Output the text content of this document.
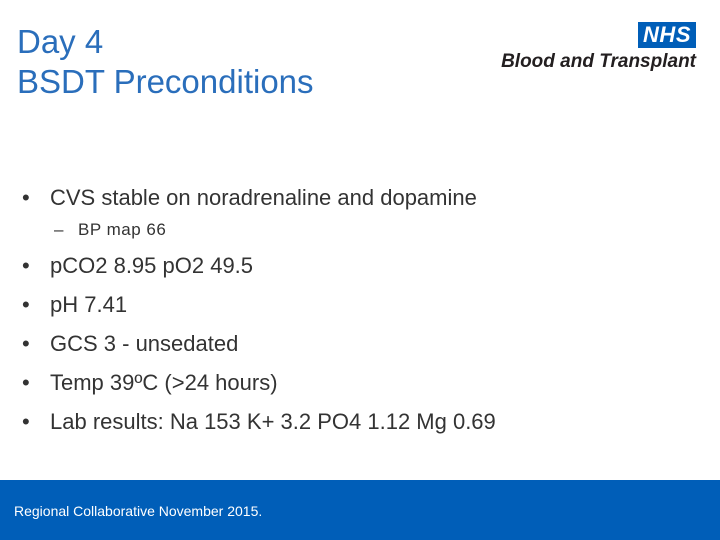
Day 4
BSDT Preconditions
NHS
Blood and Transplant
• CVS stable on noradrenaline and dopamine
– BP map 66
• pCO2 8.95 pO2 49.5
• pH 7.41
• GCS 3 - unsedated
• Temp 39ºC (>24 hours)
• Lab results: Na 153 K+ 3.2 PO4 1.12 Mg 0.69
Regional Collaborative November 2015.
